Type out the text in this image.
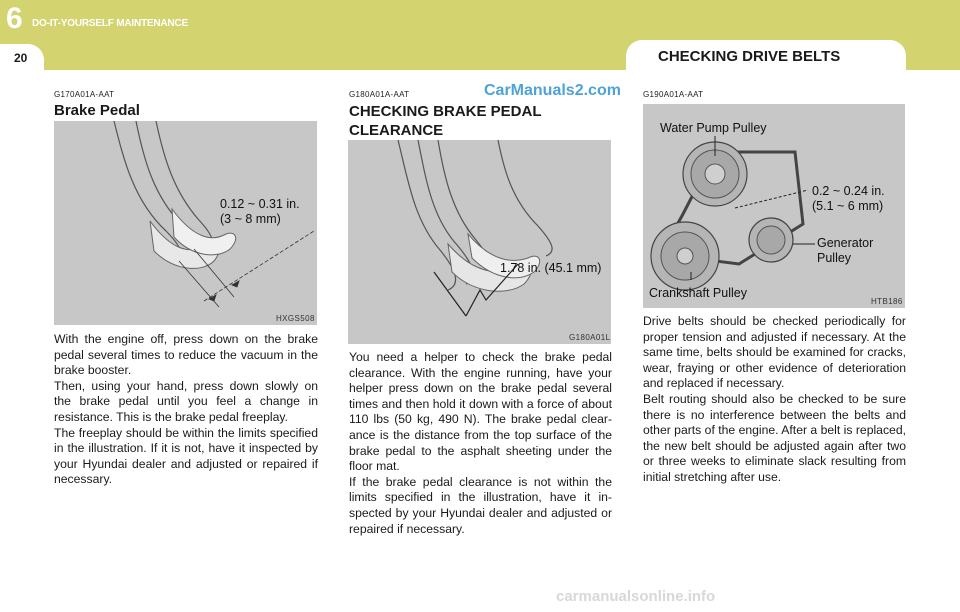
6 DO-IT-YOURSELF MAINTENANCE
20	CHECKING DRIVE BELTS
CarManuals2.com
G170A01A-AAT
Brake Pedal
0.12 ~ 0.31 in.
(3 ~ 8 mm)
HXGS508
With the engine off, press down on the brake pedal several times to reduce the vacuum in the brake booster.
Then, using your hand, press down slowly on the brake pedal until you feel a change in resistance. This is the brake pedal freeplay.
The freeplay should be within the limits specified in the illustration. If it is not, have it inspected by your Hyundai dealer and adjusted or repaired if necessary.
G180A01A-AAT
CHECKING BRAKE PEDAL CLEARANCE
1.78 in. (45.1 mm)
G180A01L
You need a helper to check the brake pedal clearance. With the engine running, have your helper press down on the brake pedal several times and then hold it down with a force of about 110 lbs (50 kg, 490 N). The brake pedal clear-ance is the distance from the top surface of the brake pedal to the asphalt sheeting under the floor mat.
If the brake pedal clearance is not within the limits specified in the illustration, have it in-spected by your Hyundai dealer and adjusted or repaired if necessary.
G190A01A-AAT
Water Pump Pulley
0.2 ~ 0.24 in.
(5.1 ~ 6 mm)
Generator
Pulley
Crankshaft Pulley
HTB186
Drive belts should be checked periodically for proper tension and adjusted if necessary. At the same time, belts should be examined for cracks, wear, fraying or other evidence of deterioration and replaced if necessary.
Belt routing should also be checked to be sure there is no interference between the belts and other parts of the engine. After a belt is replaced, the new belt should be adjusted again after two or three weeks to eliminate slack resulting from initial stretching after use.
carmanualsonline.info
